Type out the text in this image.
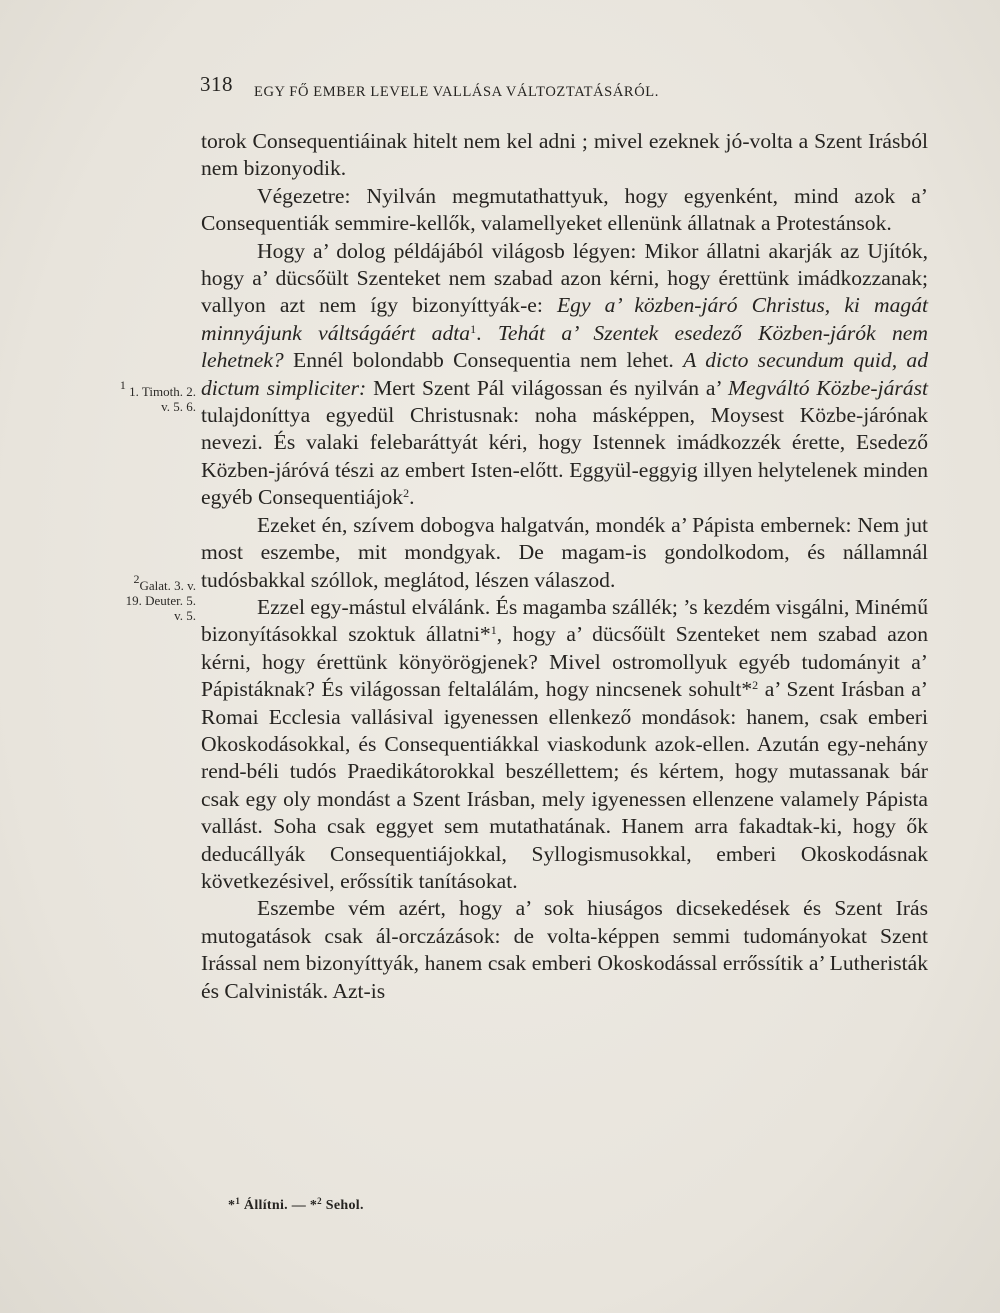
318 EGY FŐ EMBER LEVELE VALLÁSA VÁLTOZTATÁSÁRÓL.
$^1$ 1. Timoth. 2.
v. 5. 6.
$^2$Galat. 3. v.
19. Deuter. 5.
v. 5.

torok Consequentiáinak hitelt nem kel adni ; mivel ezeknek jó-volta a Szent Irásból nem bizonyodik.

Végezetre: Nyilván megmutathattyuk, hogy egyenként, mind azok a’ Consequentiák semmire-kellők, valamellyeket ellenünk állatnak a Protestánsok.

Hogy a’ dolog példájából világosb légyen: Mikor állatni akarják az Ujítók, hogy a’ dücsőült Szenteket nem szabad azon kérni, hogy érettünk imádkozzanak; vallyon azt nem így bizonyíttyák-e: Egy a’ közben-járó Christus, ki magát minnyájunk váltságáért adta$^1$. Tehát a’ Szentek esedező Közben-járók nem lehetnek? Ennél bolondabb Consequentia nem lehet. A dicto secundum quid, ad dictum simpliciter: Mert Szent Pál világossan és nyilván a’ Megváltó Közbe-járást tulajdoníttya egyedül Christusnak: noha másképpen, Moysest Közbe-járónak nevezi. És valaki felebaráttyát kéri, hogy Istennek imádkozzék érette, Esedező Közben-járóvá tészi az embert Isten-előtt. Eggyül-eggyig illyen helytelenek minden egyéb Consequentiájok$^2$.

Ezeket én, szívem dobogva halgatván, mondék a’ Pápista embernek: Nem jut most eszembe, mit mondgyak. De magam-is gondolkodom, és nállamnál tudósbakkal szóllok, meglátod, lészen válaszod.

Ezzel egy-mástul elválánk. És magamba szállék; ’s kezdém visgálni, Minémű bizonyításokkal szoktuk állatni*$^1$, hogy a’ dücsőült Szenteket nem szabad azon kérni, hogy érettünk könyörögjenek? Mivel ostromollyuk egyéb tudományit a’ Pápistáknak? És világossan feltalálám, hogy nincsenek sohult*$^2$ a’ Szent Irásban a’ Romai Ecclesia vallásival igyenessen ellenkező mondások: hanem, csak emberi Okoskodásokkal, és Consequentiákkal viaskodunk azok-ellen. Azután egy-nehány rend-béli tudós Praedikátorokkal beszéllettem; és kértem, hogy mutassanak bár csak egy oly mondást a Szent Irásban, mely igyenessen ellenzene valamely Pápista vallást. Soha csak eggyet sem mutathatának. Hanem arra fakadtak-ki, hogy ők deducállyák Consequentiájokkal, Syllogismusokkal, emberi Okoskodásnak következésivel, erőssítik tanításokat.

Eszembe vém azért, hogy a’ sok hiuságos dicsekedések és Szent Irás mutogatások csak ál-orczázások: de volta-képpen semmi tudományokat Szent Irással nem bizonyíttyák, hanem csak emberi Okoskodással errőssítik a’ Lutheristák és Calvinisták. Azt-is

*$^1$ Állítni. — *$^2$ Sehol.
